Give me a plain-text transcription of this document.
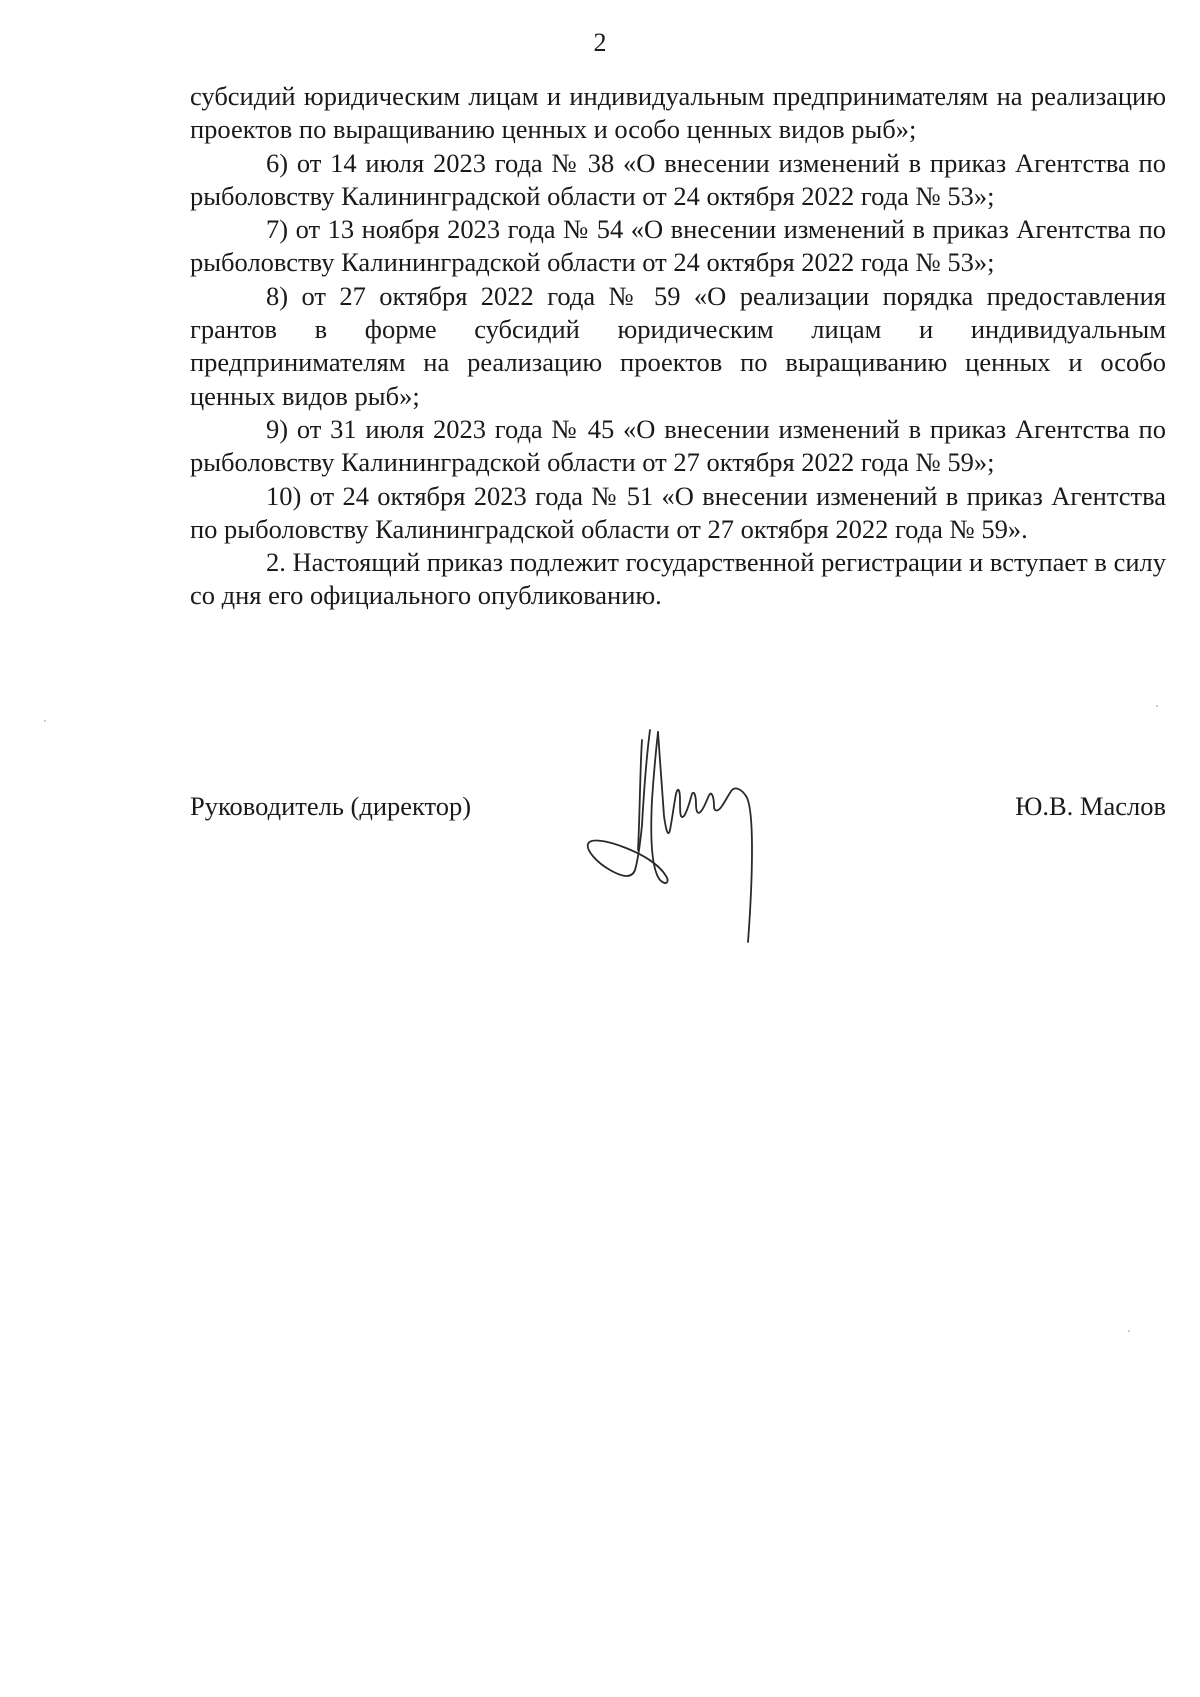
2

субсидий юридическим лицам и индивидуальным предпринимателям на реализацию проектов по выращиванию ценных и особо ценных видов рыб»;

6) от 14 июля 2023 года № 38 «О внесении изменений в приказ Агентства по рыболовству Калининградской области от 24 октября 2022 года № 53»;

7) от 13 ноября 2023 года № 54 «О внесении изменений в приказ Агентства по рыболовству Калининградской области от 24 октября 2022 года № 53»;

8) от 27 октября 2022 года № 59 «О реализации порядка предоставления грантов в форме субсидий юридическим лицам и индивидуальным предпринимателям на реализацию проектов по выращиванию ценных и особо ценных видов рыб»;

9) от 31 июля 2023 года № 45 «О внесении изменений в приказ Агентства по рыболовству Калининградской области от 27 октября 2022 года № 59»;

10) от 24 октября 2023 года № 51 «О внесении изменений в приказ Агентства по рыболовству Калининградской области от 27 октября 2022 года № 59».

2. Настоящий приказ подлежит государственной регистрации и вступает в силу со дня его официального опубликованию.

Руководитель (директор)	Ю.В. Маслов
